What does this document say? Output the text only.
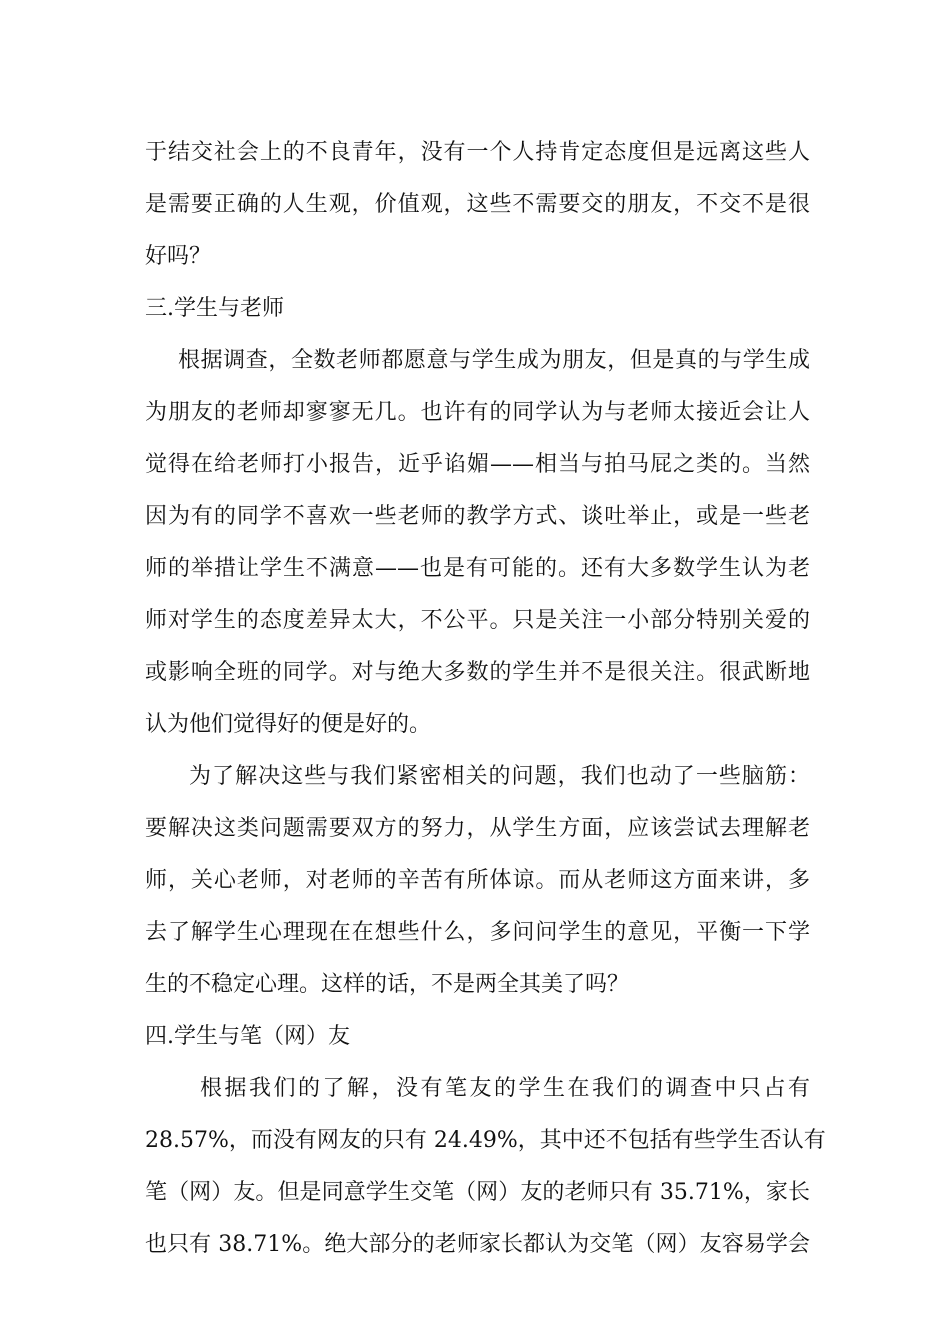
于结交社会上的不良青年，没有一个人持肯定态度但是远离这些人
是需要正确的人生观，价值观，这些不需要交的朋友，不交不是很
好吗？
三.学生与老师
根据调查，全数老师都愿意与学生成为朋友，但是真的与学生成
为朋友的老师却寥寥无几。也许有的同学认为与老师太接近会让人
觉得在给老师打小报告，近乎谄媚——相当与拍马屁之类的。当然
因为有的同学不喜欢一些老师的教学方式、谈吐举止，或是一些老
师的举措让学生不满意——也是有可能的。还有大多数学生认为老
师对学生的态度差异太大，不公平。只是关注一小部分特别关爱的
或影响全班的同学。对与绝大多数的学生并不是很关注。很武断地
认为他们觉得好的便是好的。
为了解决这些与我们紧密相关的问题，我们也动了一些脑筋：
要解决这类问题需要双方的努力，从学生方面，应该尝试去理解老
师，关心老师，对老师的辛苦有所体谅。而从老师这方面来讲，多
去了解学生心理现在在想些什么，多问问学生的意见，平衡一下学
生的不稳定心理。这样的话，不是两全其美了吗？
四.学生与笔（网）友
根据我们的了解，没有笔友的学生在我们的调查中只占有
28.57%，而没有网友的只有 24.49%，其中还不包括有些学生否认有
笔（网）友。但是同意学生交笔（网）友的老师只有 35.71%，家长
也只有 38.71%。绝大部分的老师家长都认为交笔（网）友容易学会
